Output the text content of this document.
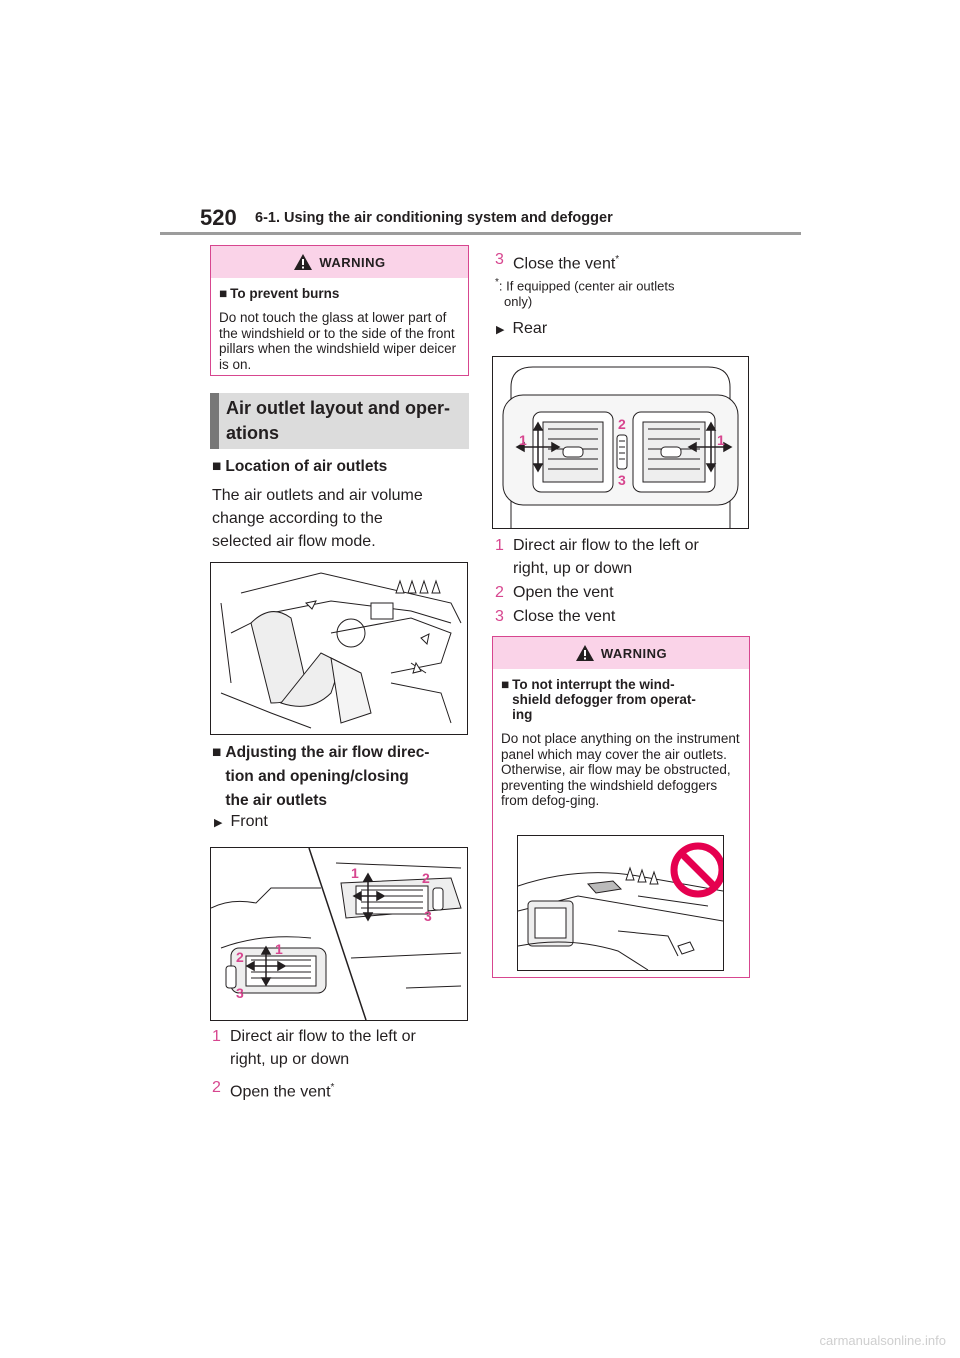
520 6-1. Using the air conditioning system and defogger
WARNING
■ To prevent burns
Do not touch the glass at lower part of the windshield or to the side of the front pillars when the windshield wiper deicer is on.
Air outlet layout and oper-
ations
■ Location of air outlets
The air outlets and air volume
change according to the
selected air flow mode.
■ Adjusting the air flow direc-
tion and opening/closing
the air outlets
▶ Front
1	2
3
1
2
3
1 Direct air flow to the left or
right, up or down
2 Open the vent*
3 Close the vent*
*: If equipped (center air outlets
only)
▶ Rear
1	1
2
3
1 Direct air flow to the left or
right, up or down
2 Open the vent
3 Close the vent
WARNING
■ To not interrupt the wind-
shield defogger from operat-
ing
Do not place anything on the instrument panel which may cover the air outlets. Otherwise, air flow may be obstructed, preventing the windshield defoggers from defog-ging.
carmanualsonline.info
